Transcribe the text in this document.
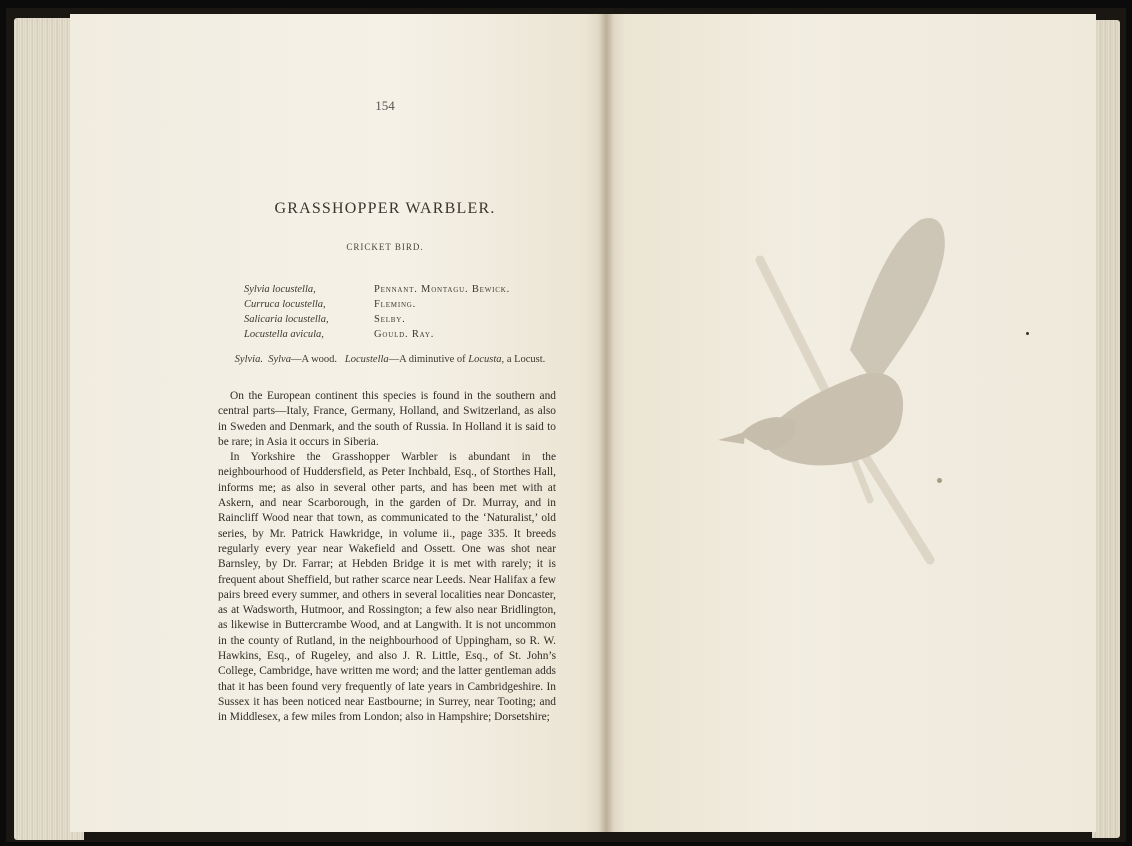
154
GRASSHOPPER WARBLER.
CRICKET BIRD.
Sylvia locustella,	Pennant. Montagu. Bewick.
Curruca locustella,	Fleming.
Salicaria locustella,	Selby.
Locustella avicula,	Gould. Ray.
Sylvia. Sylva—A wood. Locustella—A diminutive of Locusta, a Locust.

On the European continent this species is found in the southern and central parts—Italy, France, Germany, Holland, and Switzerland, as also in Sweden and Denmark, and the south of Russia. In Holland it is said to be rare; in Asia it occurs in Siberia.

In Yorkshire the Grasshopper Warbler is abundant in the neighbourhood of Huddersfield, as Peter Inchbald, Esq., of Storthes Hall, informs me; as also in several other parts, and has been met with at Askern, and near Scarborough, in the garden of Dr. Murray, and in Raincliff Wood near that town, as communicated to the ‘Naturalist,’ old series, by Mr. Patrick Hawkridge, in volume ii., page 335. It breeds regularly every year near Wakefield and Ossett. One was shot near Barnsley, by Dr. Farrar; at Hebden Bridge it is met with rarely; it is frequent about Sheffield, but rather scarce near Leeds. Near Halifax a few pairs breed every summer, and others in several localities near Doncaster, as at Wadsworth, Hutmoor, and Rossington; a few also near Bridlington, as likewise in Buttercrambe Wood, and at Langwith. It is not uncommon in the county of Rutland, in the neighbourhood of Uppingham, so R. W. Hawkins, Esq., of Rugeley, and also J. R. Little, Esq., of St. John’s College, Cambridge, have written me word; and the latter gentleman adds that it has been found very frequently of late years in Cambridgeshire. In Sussex it has been noticed near Eastbourne; in Surrey, near Tooting; and in Middlesex, a few miles from London; also in Hampshire; Dorsetshire;
